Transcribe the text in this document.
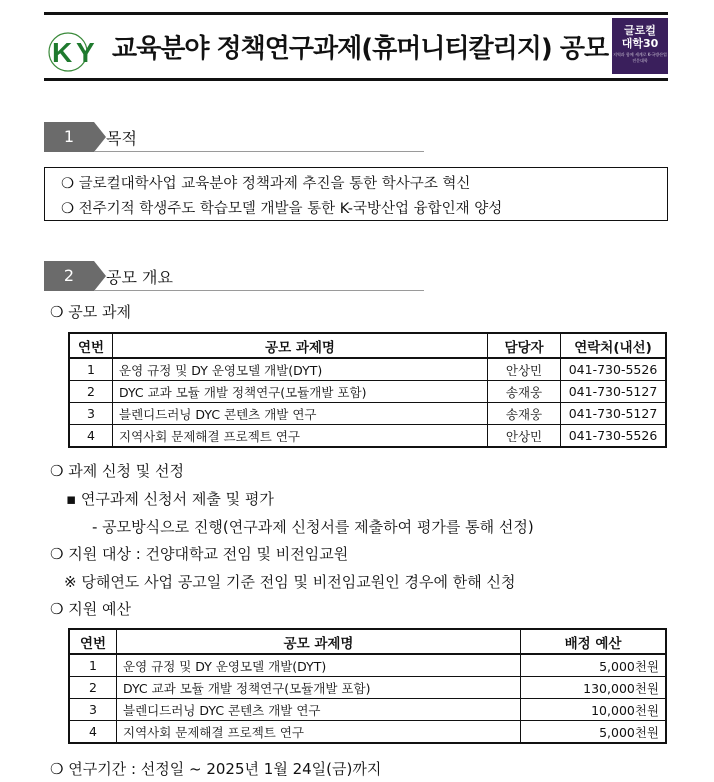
K Y 교육분야 정책연구과제(휴머니티칼리지) 공모
글로컬
대학30
지역과 함께 세계로 K-국방산업 전문대학
1	목적
❍ 글로컬대학사업 교육분야 정책과제 추진을 통한 학사구조 혁신
❍ 전주기적 학생주도 학습모델 개발을 통한 K-국방산업 융합인재 양성
2	공모 개요
❍ 공모 과제
연번	공모 과제명	담당자	연락처(내선)
1	운영 규정 및 DY 운영모델 개발(DYT)	안상민	041-730-5526
2	DYC 교과 모듈 개발 정책연구(모듈개발 포함)	송재웅	041-730-5127
3	블렌디드러닝 DYC 콘텐츠 개발 연구	송재웅	041-730-5127
4	지역사회 문제해결 프로젝트 연구	안상민	041-730-5526
❍ 과제 신청 및 선정
▪ 연구과제 신청서 제출 및 평가
- 공모방식으로 진행(연구과제 신청서를 제출하여 평가를 통해 선정)
❍ 지원 대상 : 건양대학교 전임 및 비전임교원
※ 당해연도 사업 공고일 기준 전임 및 비전임교원인 경우에 한해 신청
❍ 지원 예산
연번	공모 과제명	배정 예산
1	운영 규정 및 DY 운영모델 개발(DYT)	5,000천원
2	DYC 교과 모듈 개발 정책연구(모듈개발 포함)	130,000천원
3	블렌디드러닝 DYC 콘텐츠 개발 연구	10,000천원
4	지역사회 문제해결 프로젝트 연구	5,000천원
❍ 연구기간 : 선정일 ~ 2025년 1월 24일(금)까지
